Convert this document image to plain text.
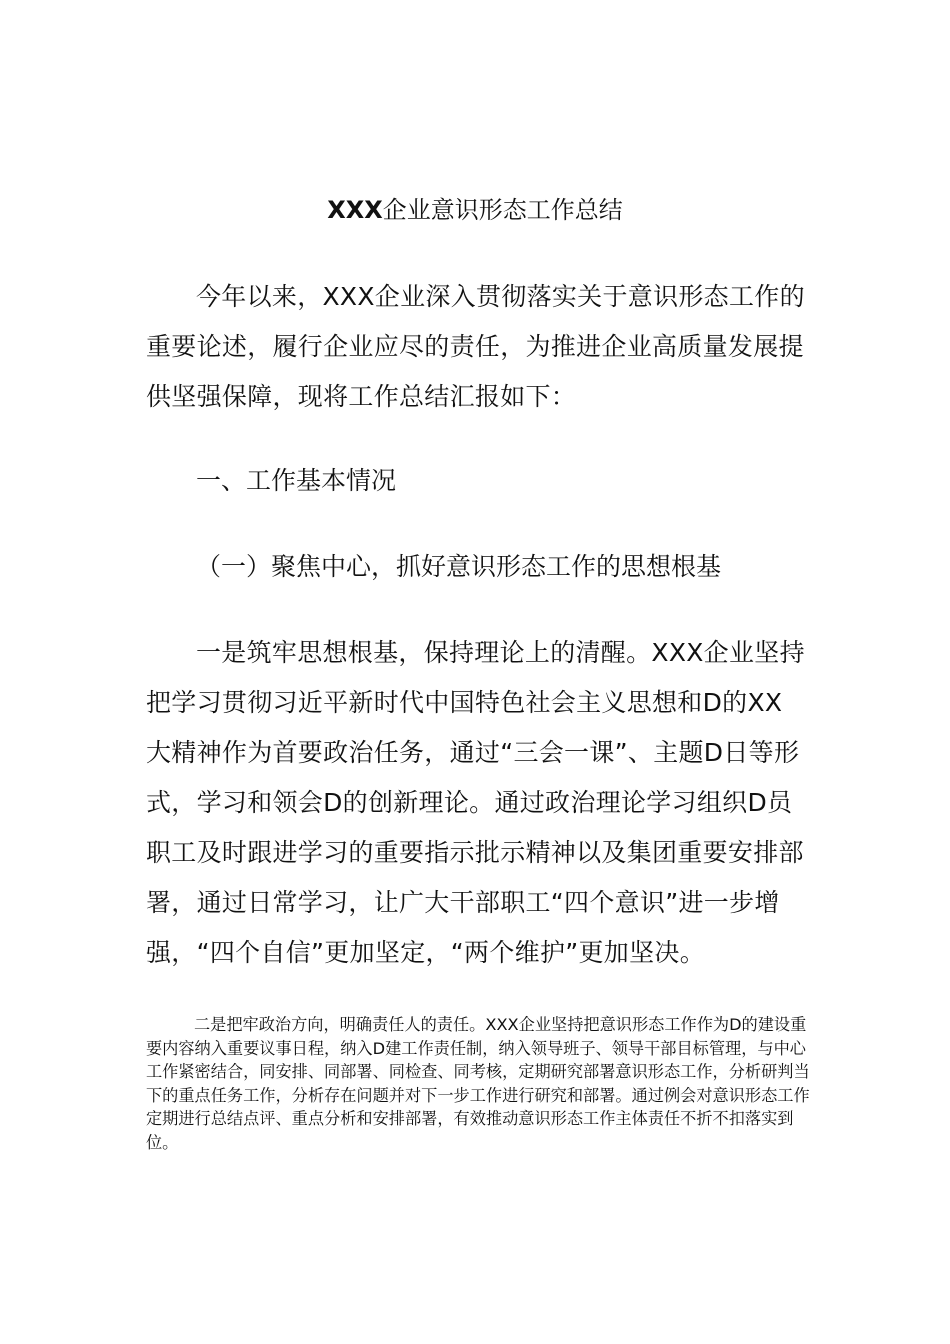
XXX企业意识形态工作总结

今年以来，XXX企业深入贯彻落实关于意识形态工作的重要论述，履行企业应尽的责任，为推进企业高质量发展提供坚强保障，现将工作总结汇报如下：

一、工作基本情况

（一）聚焦中心，抓好意识形态工作的思想根基

一是筑牢思想根基，保持理论上的清醒。XXX企业坚持把学习贯彻习近平新时代中国特色社会主义思想和D的XX大精神作为首要政治任务，通过“三会一课”、主题D日等形式，学习和领会D的创新理论。通过政治理论学习组织D员职工及时跟进学习的重要指示批示精神以及集团重要安排部署，通过日常学习，让广大干部职工“四个意识”进一步增强，“四个自信”更加坚定，“两个维护”更加坚决。

二是把牢政治方向，明确责任人的责任。XXX企业坚持把意识形态工作作为D的建设重要内容纳入重要议事日程，纳入D建工作责任制，纳入领导班子、领导干部目标管理，与中心工作紧密结合，同安排、同部署、同检查、同考核，定期研究部署意识形态工作，分析研判当下的重点任务工作，分析存在问题并对下一步工作进行研究和部署。通过例会对意识形态工作定期进行总结点评、重点分析和安排部署，有效推动意识形态工作主体责任不折不扣落实到位。
